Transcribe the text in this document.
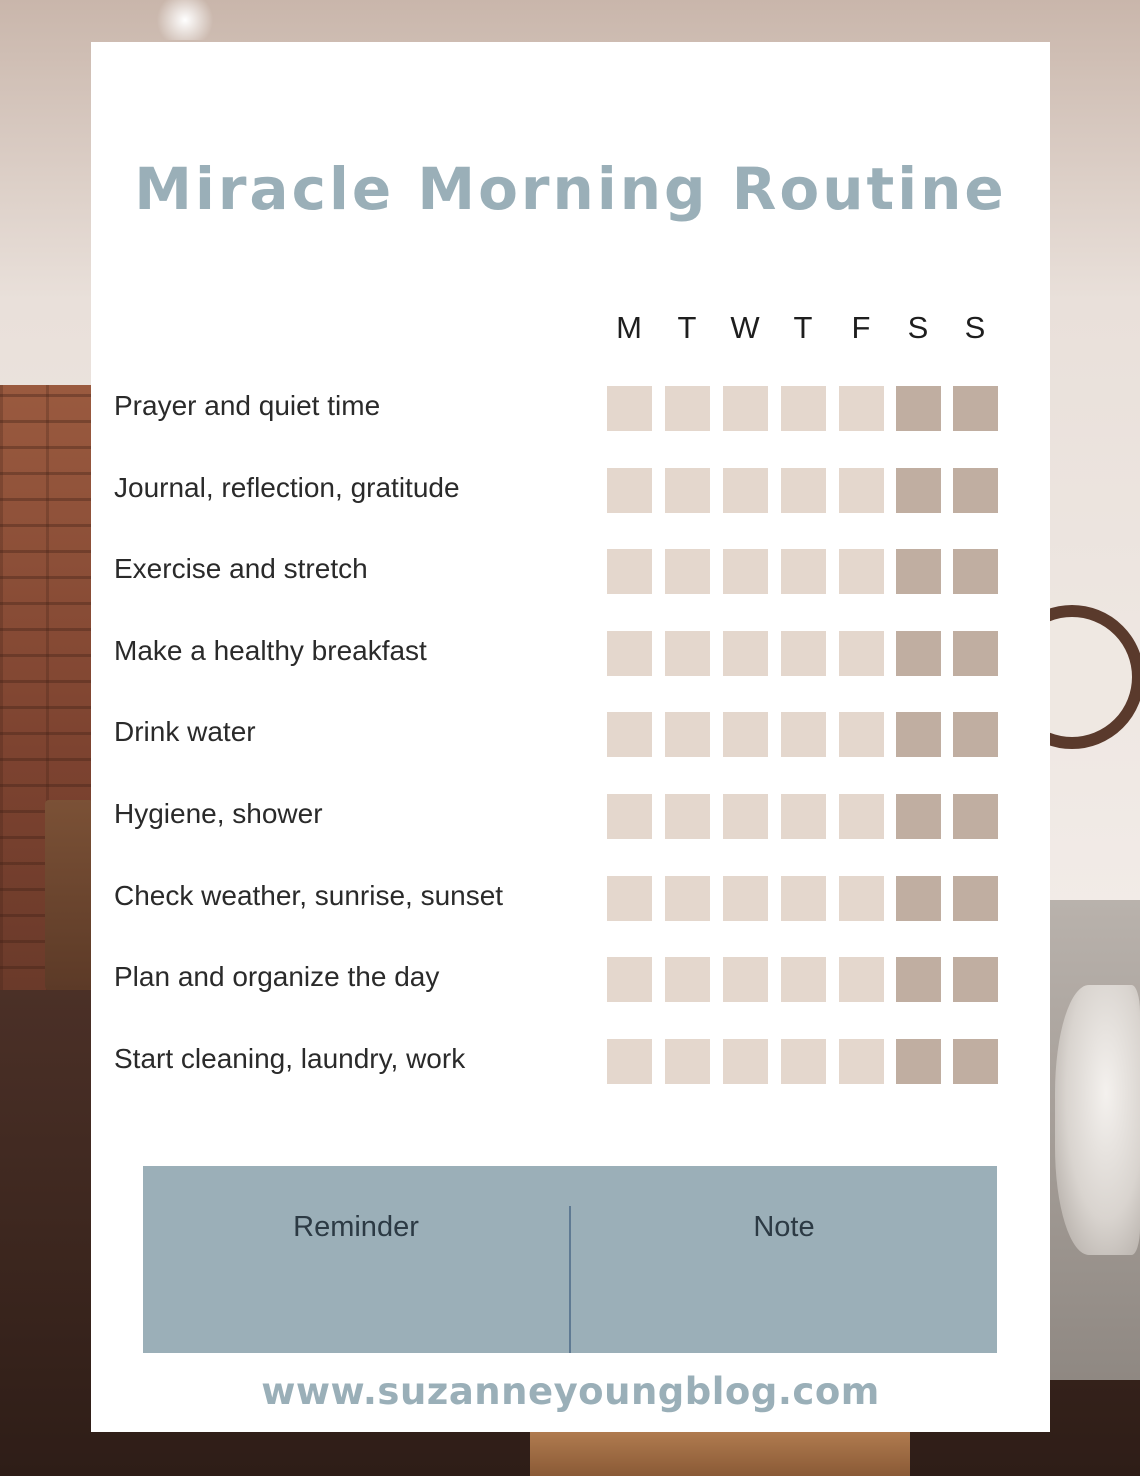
Miracle Morning Routine
M	T	W	T	F	S	S
Prayer and quiet time
Journal, reflection, gratitude
Exercise and stretch
Make a healthy breakfast
Drink water
Hygiene, shower
Check weather, sunrise, sunset
Plan and organize the day
Start cleaning, laundry, work
Reminder	Note
www.suzanneyoungblog.com
